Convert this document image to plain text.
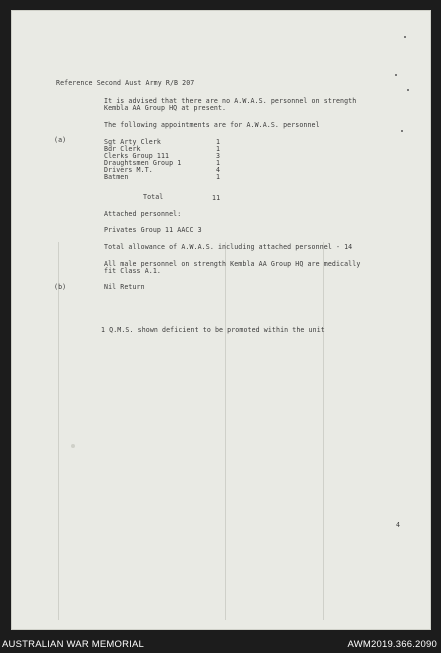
Reference Second Aust Army R/B 207
It is advised that there are no A.W.A.S. personnel on strength
Kembla AA Group HQ at present.
The following appointments are for A.W.A.S. personnel
(a)	Sgt Arty Clerk	1
Bdr Clerk	1
Clerks Group 111	3
Draughtsmen Group 1	1
Drivers M.T.	4
Batmen	1
Total	11
Attached personnel:
Privates Group 11 AACC 3
Total allowance of A.W.A.S. including attached personnel - 14
All male personnel on strength Kembla AA Group HQ are medically
fit Class A.1.
(b)	Nil Return
1 Q.M.S. shown deficient to be promoted within the unit
4
AUSTRALIAN WAR MEMORIAL	AWM2019.366.2090
